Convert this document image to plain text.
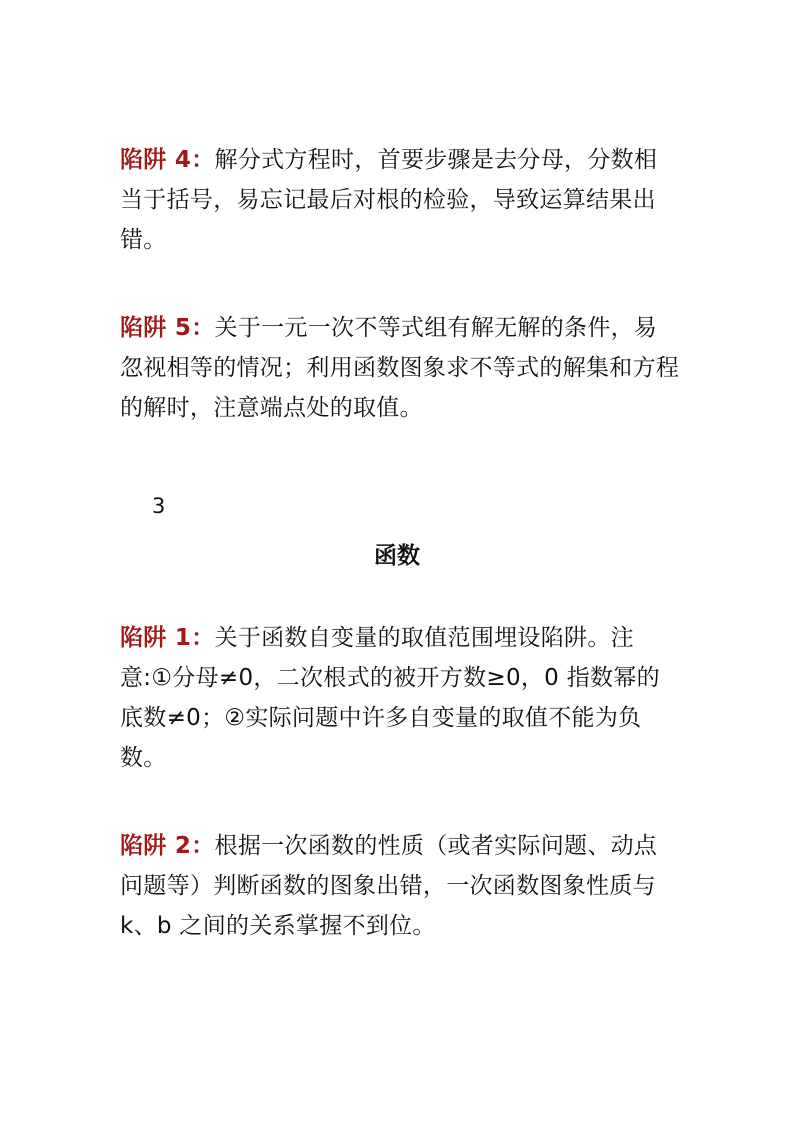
陷阱 4：解分式方程时，首要步骤是去分母，分数相当于括号，易忘记最后对根的检验，导致运算结果出错。

陷阱 5：关于一元一次不等式组有解无解的条件，易忽视相等的情况；利用函数图象求不等式的解集和方程的解时，注意端点处的取值。

3

函数

陷阱 1：关于函数自变量的取值范围埋设陷阱。注意:①分母≠0，二次根式的被开方数≥0，0 指数幂的底数≠0；②实际问题中许多自变量的取值不能为负数。

陷阱 2：根据一次函数的性质（或者实际问题、动点问题等）判断函数的图象出错，一次函数图象性质与 k、b 之间的关系掌握不到位。
